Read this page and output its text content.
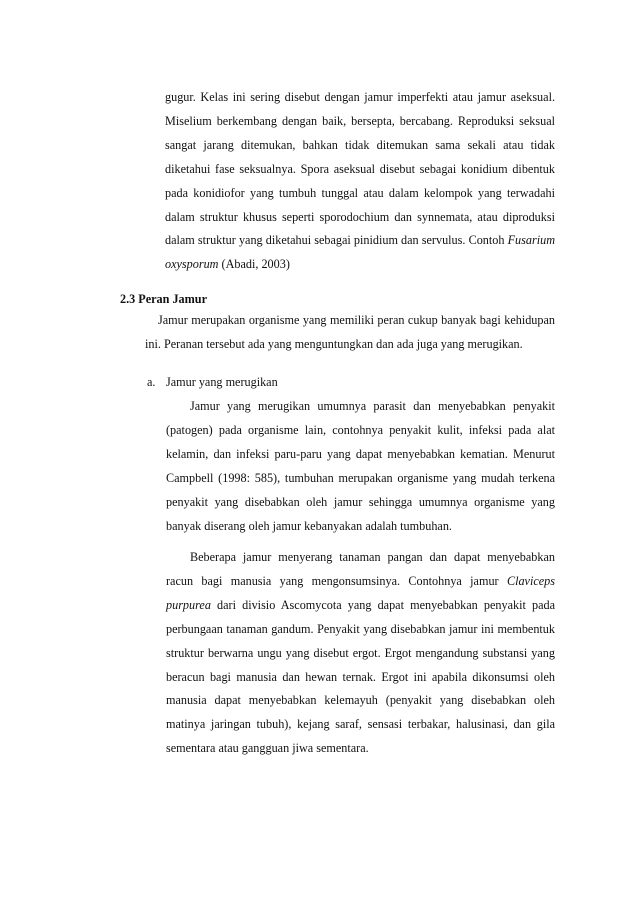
gugur. Kelas ini sering disebut dengan jamur imperfekti atau jamur aseksual. Miselium berkembang dengan baik, bersepta, bercabang. Reproduksi seksual sangat jarang ditemukan, bahkan tidak ditemukan sama sekali atau tidak diketahui fase seksualnya. Spora aseksual disebut sebagai konidium dibentuk pada konidiofor yang tumbuh tunggal atau dalam kelompok yang terwadahi dalam struktur khusus seperti sporodochium dan synnemata, atau diproduksi dalam struktur yang diketahui sebagai pinidium dan servulus. Contoh Fusarium oxysporum (Abadi, 2003)

2.3 Peran Jamur

Jamur merupakan organisme yang memiliki peran cukup banyak bagi kehidupan ini. Peranan tersebut ada yang menguntungkan dan ada juga yang merugikan.

a. Jamur yang merugikan

Jamur yang merugikan umumnya parasit dan menyebabkan penyakit (patogen) pada organisme lain, contohnya penyakit kulit, infeksi pada alat kelamin, dan infeksi paru-paru yang dapat menyebabkan kematian. Menurut Campbell (1998: 585), tumbuhan merupakan organisme yang mudah terkena penyakit yang disebabkan oleh jamur sehingga umumnya organisme yang banyak diserang oleh jamur kebanyakan adalah tumbuhan.

Beberapa jamur menyerang tanaman pangan dan dapat menyebabkan racun bagi manusia yang mengonsumsinya. Contohnya jamur Claviceps purpurea dari divisio Ascomycota yang dapat menyebabkan penyakit pada perbungaan tanaman gandum. Penyakit yang disebabkan jamur ini membentuk struktur berwarna ungu yang disebut ergot. Ergot mengandung substansi yang beracun bagi manusia dan hewan ternak. Ergot ini apabila dikonsumsi oleh manusia dapat menyebabkan kelemayuh (penyakit yang disebabkan oleh matinya jaringan tubuh), kejang saraf, sensasi terbakar, halusinasi, dan gila sementara atau gangguan jiwa sementara.
